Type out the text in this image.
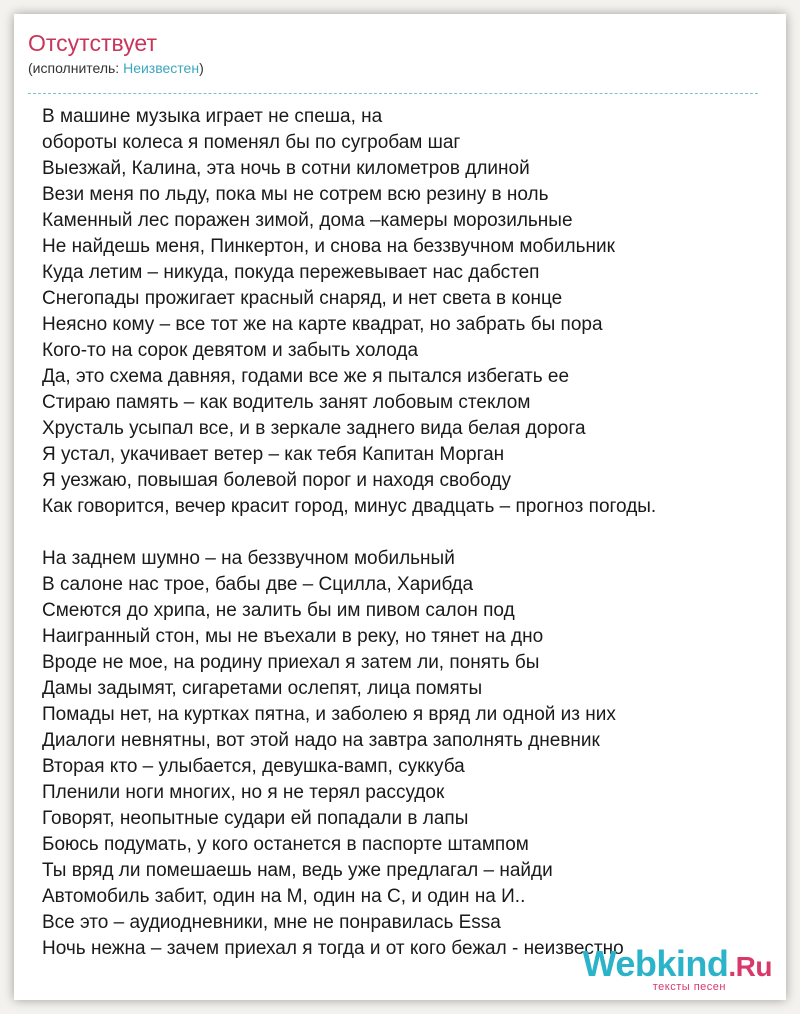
Отсутствует
(исполнитель: Неизвестен)
В машине музыка играет не спеша, на
обороты колеса я поменял бы по сугробам шаг
Выезжай, Калина, эта ночь в сотни километров длиной
Вези меня по льду, пока мы не сотрем всю резину в ноль
Каменный лес поражен зимой, дома –камеры морозильные
Не найдешь меня, Пинкертон, и снова на беззвучном мобильник
Куда летим – никуда, покуда пережевывает нас дабстеп
Снегопады прожигает красный снаряд, и нет света в конце
Неясно кому – все тот же на карте квадрат, но забрать бы пора
Кого-то на сорок девятом и забыть холода
Да, это схема давняя, годами все же я пытался избегать ее
Стираю память – как водитель занят лобовым стеклом
Хрусталь усыпал все, и в зеркале заднего вида белая дорога
Я устал, укачивает ветер – как тебя Капитан Морган
Я уезжаю, повышая болевой порог и находя свободу
Как говорится, вечер красит город, минус двадцать – прогноз погоды.
На заднем шумно – на беззвучном мобильный
В салоне нас трое, бабы две – Сцилла, Харибда
Смеются до хрипа, не залить бы им пивом салон под
Наигранный стон, мы не въехали в реку, но тянет на дно
Вроде не мое, на родину приехал я затем ли, понять бы
Дамы задымят, сигаретами ослепят, лица помяты
Помады нет, на куртках пятна, и заболею я вряд ли одной из них
Диалоги невнятны, вот этой надо на завтра заполнять дневник
Вторая кто – улыбается, девушка-вамп, суккуба
Пленили ноги многих, но я не терял рассудок
Говорят, неопытные судари ей попадали в лапы
Боюсь подумать, у кого останется в паспорте штампом
Ты вряд ли помешаешь нам, ведь уже предлагал – найди
Автомобиль забит, один на М, один на С, и один на И..
Все это – аудиодневники, мне не понравилась Essa
Ночь нежна – зачем приехал я тогда и от кого бежал - неизвестно
Webkind.Ru
тексты песен
